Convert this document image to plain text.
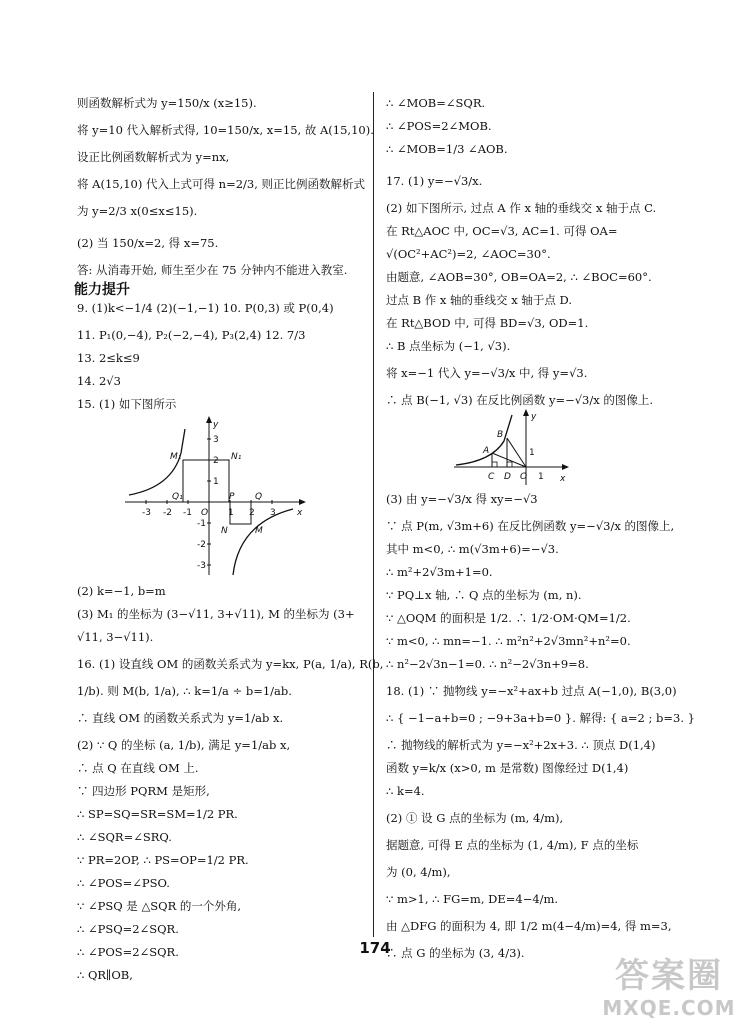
则函数解析式为 y=150/x (x≥15).

将 y=10 代入解析式得, 10=150/x, x=15, 故 A(15,10).

设正比例函数解析式为 y=nx,

将 A(15,10) 代入上式可得 n=2/3, 则正比例函数解析式

为 y=2/3 x(0≤x≤15).

(2) 当 150/x=2, 得 x=75.

答: 从消毒开始, 师生至少在 75 分钟内不能进入教室.

能力提升

9. (1)k<−1/4 (2)(−1,−1) 10. P(0,3) 或 P(0,4)

11. P₁(0,−4), P₂(−2,−4), P₃(2,4) 12. 7/3

13. 2≤k≤9

14. 2√3

15. (1) 如下图所示

-3 -2 -1	1 2 3
3
2
1
-1
-2
-3
y
x
O
M₁	N₁
Q₁	P Q
N	M

(2) k=−1, b=m

(3) M₁ 的坐标为 (3−√11, 3+√11), M 的坐标为 (3+

√11, 3−√11).

16. (1) 设直线 OM 的函数关系式为 y=kx, P(a, 1/a), R(b,

1/b). 则 M(b, 1/a), ∴ k=1/a ÷ b=1/ab.

∴ 直线 OM 的函数关系式为 y=1/ab x.

(2) ∵ Q 的坐标 (a, 1/b), 满足 y=1/ab x,

∴ 点 Q 在直线 OM 上.

∵ 四边形 PQRM 是矩形,

∴ SP=SQ=SR=SM=1/2 PR.

∴ ∠SQR=∠SRQ.

∵ PR=2OP, ∴ PS=OP=1/2 PR.

∴ ∠POS=∠PSO.

∵ ∠PSQ 是 △SQR 的一个外角,

∴ ∠PSQ=2∠SQR.

∴ ∠POS=2∠SQR.

∴ QR∥OB,

∴ ∠MOB=∠SQR.

∴ ∠POS=2∠MOB.

∴ ∠MOB=1/3 ∠AOB.

17. (1) y=−√3/x.

(2) 如下图所示, 过点 A 作 x 轴的垂线交 x 轴于点 C.

在 Rt△AOC 中, OC=√3, AC=1. 可得 OA=

√(OC²+AC²)=2, ∠AOC=30°.

由题意, ∠AOB=30°, OB=OA=2, ∴ ∠BOC=60°.

过点 B 作 x 轴的垂线交 x 轴于点 D.

在 Rt△BOD 中, 可得 BD=√3, OD=1.

∴ B 点坐标为 (−1, √3).

将 x=−1 代入 y=−√3/x 中, 得 y=√3.

∴ 点 B(−1, √3) 在反比例函数 y=−√3/x 的图像上.

y
x
O
A
B
C D	1
1

(3) 由 y=−√3/x 得 xy=−√3

∵ 点 P(m, √3m+6) 在反比例函数 y=−√3/x 的图像上,

其中 m<0, ∴ m(√3m+6)=−√3.

∴ m²+2√3m+1=0.

∵ PQ⊥x 轴, ∴ Q 点的坐标为 (m, n).

∵ △OQM 的面积是 1/2. ∴ 1/2·OM·QM=1/2.

∵ m<0, ∴ mn=−1. ∴ m²n²+2√3mn²+n²=0.

∴ n²−2√3n−1=0. ∴ n²−2√3n+9=8.

18. (1) ∵ 抛物线 y=−x²+ax+b 过点 A(−1,0), B(3,0)

∴ { −1−a+b=0 ; −9+3a+b=0 }. 解得: { a=2 ; b=3. }

∴ 抛物线的解析式为 y=−x²+2x+3. ∴ 顶点 D(1,4)

函数 y=k/x (x>0, m 是常数) 图像经过 D(1,4)

∴ k=4.

(2) ① 设 G 点的坐标为 (m, 4/m),

据题意, 可得 E 点的坐标为 (1, 4/m), F 点的坐标

为 (0, 4/m),

∵ m>1, ∴ FG=m, DE=4−4/m.

由 △DFG 的面积为 4, 即 1/2 m(4−4/m)=4, 得 m=3,

∴ 点 G 的坐标为 (3, 4/3).

174
答案圈
MXQE.COM
